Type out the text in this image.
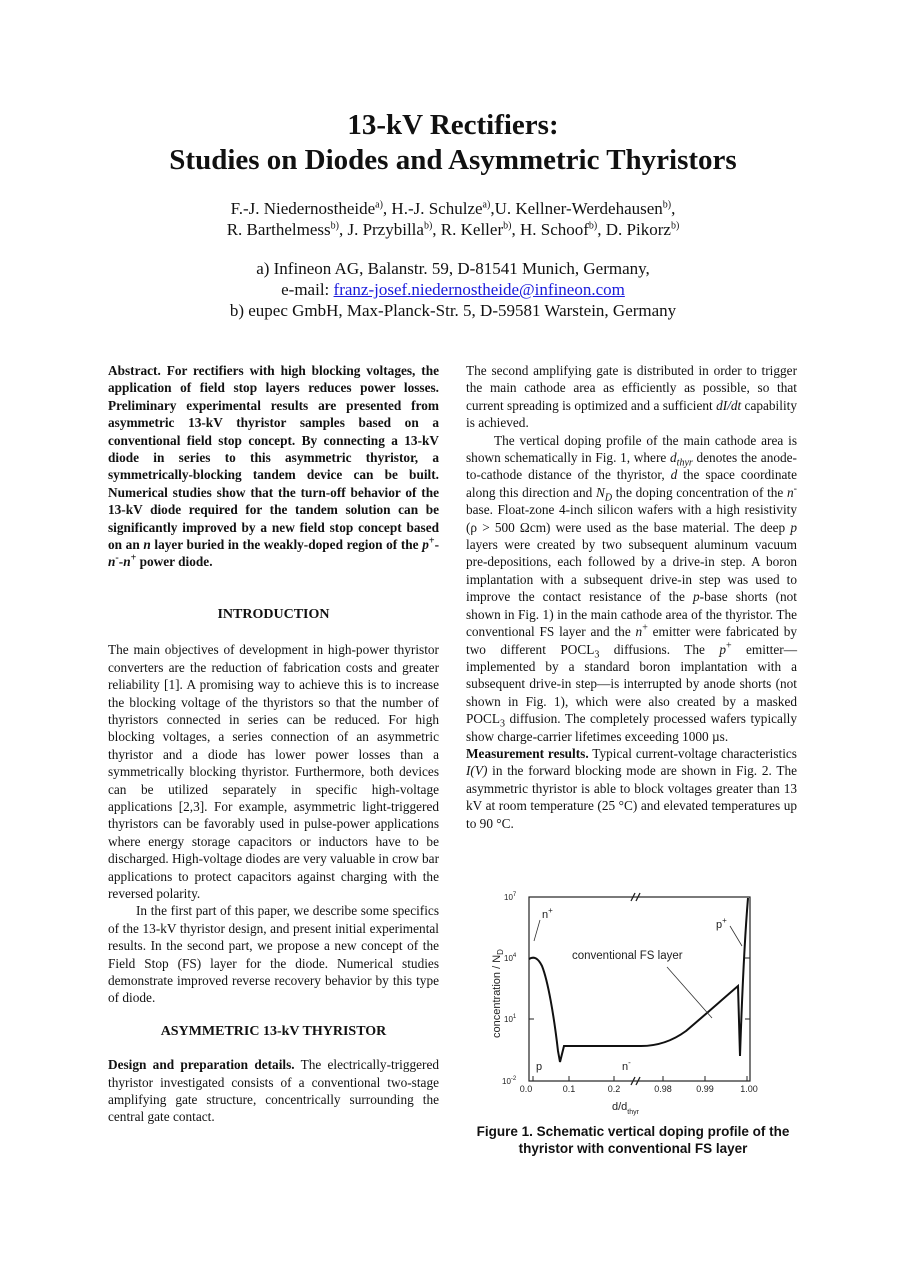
13-kV Rectifiers:
Studies on Diodes and Asymmetric Thyristors
F.-J. Niedernostheide$^{a)}$, H.-J. Schulze$^{a)}$,U. Kellner-Werdehausen$^{b)}$,
R. Barthelmess$^{b)}$, J. Przybilla$^{b)}$, R. Keller$^{b)}$, H. Schoof$^{b)}$, D. Pikorz$^{b)}$
a) Infineon AG, Balanstr. 59, D-81541 Munich, Germany,
e-mail: franz-josef.niedernostheide@infineon.com
b) eupec GmbH, Max-Planck-Str. 5, D-59581 Warstein, Germany

Abstract. For rectifiers with high blocking voltages, the application of field stop layers reduces power losses. Preliminary experimental results are presented from asymmetric 13-kV thyristor samples based on a conventional field stop concept. By connecting a 13-kV diode in series to this asymmetric thyristor, a symmetrically-blocking tandem device can be built. Numerical studies show that the turn-off behavior of the 13-kV diode required for the tandem solution can be significantly improved by a new field stop concept based on an n layer buried in the weakly-doped region of the p+-n--n+ power diode.

INTRODUCTION

The main objectives of development in high-power thyristor converters are the reduction of fabrication costs and greater reliability [1]. A promising way to achieve this is to increase the blocking voltage of the thyristors so that the number of thyristors connected in series can be reduced. For high blocking voltages, a series connection of an asymmetric thyristor and a diode has lower power losses than a symmetrically blocking thyristor. Furthermore, both devices can be utilized separately in specific high-voltage applications [2,3]. For example, asymmetric light-triggered thyristors can be favorably used in pulse-power applications where energy storage capacitors or inductors have to be discharged. High-voltage diodes are very valuable in crow bar applications to protect capacitors against charging with the reversed polarity.

In the first part of this paper, we describe some specifics of the 13-kV thyristor design, and present initial experimental results. In the second part, we propose a new concept of the Field Stop (FS) layer for the diode. Numerical studies demonstrate improved reverse recovery behavior by this type of diode.

ASYMMETRIC 13-kV THYRISTOR

Design and preparation details. The electrically-triggered thyristor investigated consists of a conventional two-stage amplifying gate structure, concentrically surrounding the central gate contact.

The second amplifying gate is distributed in order to trigger the main cathode area as efficiently as possible, so that current spreading is optimized and a sufficient dI/dt capability is achieved.

The vertical doping profile of the main cathode area is shown schematically in Fig. 1, where $d_{thyr}$ denotes the anode-to-cathode distance of the thyristor, d the space coordinate along this direction and $N_D$ the doping concentration of the n- base. Float-zone 4-inch silicon wafers with a high resistivity (ρ > 500 Ωcm) were used as the base material. The deep p layers were created by two subsequent aluminum vacuum pre-depositions, each followed by a drive-in step. A boron implantation with a subsequent drive-in step was used to improve the contact resistance of the p-base shorts (not shown in Fig. 1) in the main cathode area of the thyristor. The conventional FS layer and the n+ emitter were fabricated by two different $POCL_3$ diffusions. The p+ emitter—implemented by a standard boron implantation with a subsequent drive-in step—is interrupted by anode shorts (not shown in Fig. 1), which were also created by a masked $POCL_3$ diffusion. The completely processed wafers typically show charge-carrier lifetimes exceeding 1000 µs.

Measurement results. Typical current-voltage characteristics I(V) in the forward blocking mode are shown in Fig. 2. The asymmetric thyristor is able to block voltages greater than 13 kV at room temperature (25 °C) and elevated temperatures up to 90 °C.

$10^7$
$10^4$
$10^1$
$10^{-2}$
0.0	0.1	0.2	0.98	0.99	1.00
n+
p+
conventional FS layer
p	n-
concentration / $N_D$
$d/d_{thyr}$
Figure 1. Schematic vertical doping profile of the thyristor with conventional FS layer
